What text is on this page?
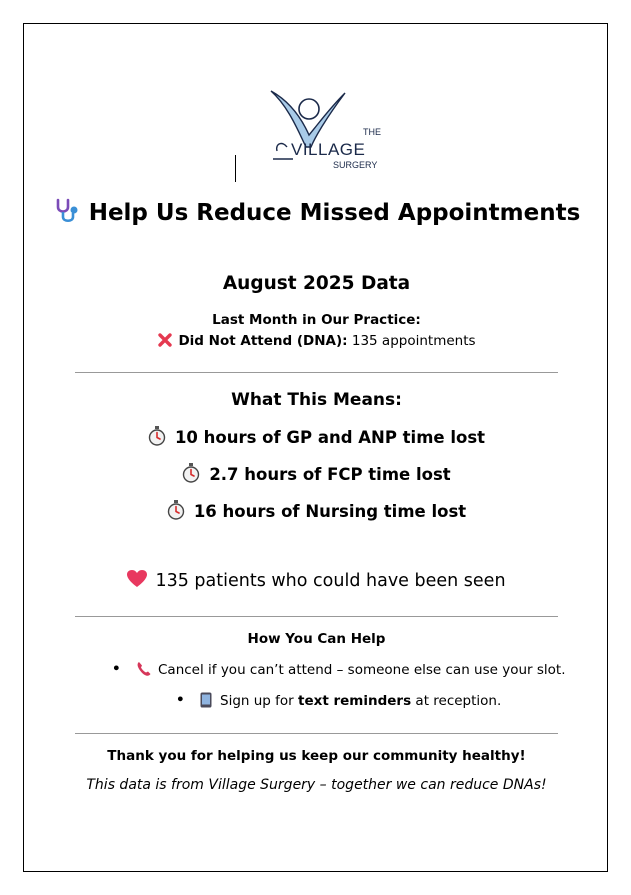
THE
VILLAGE
SURGERY
Help Us Reduce Missed Appointments
August 2025 Data
Last Month in Our Practice:
Did Not Attend (DNA): 135 appointments
What This Means:
10 hours of GP and ANP time lost
2.7 hours of FCP time lost
16 hours of Nursing time lost
135 patients who could have been seen
How You Can Help
•	Cancel if you can’t attend – someone else can use your slot.
•	Sign up for text reminders at reception.
Thank you for helping us keep our community healthy!
This data is from Village Surgery – together we can reduce DNAs!
